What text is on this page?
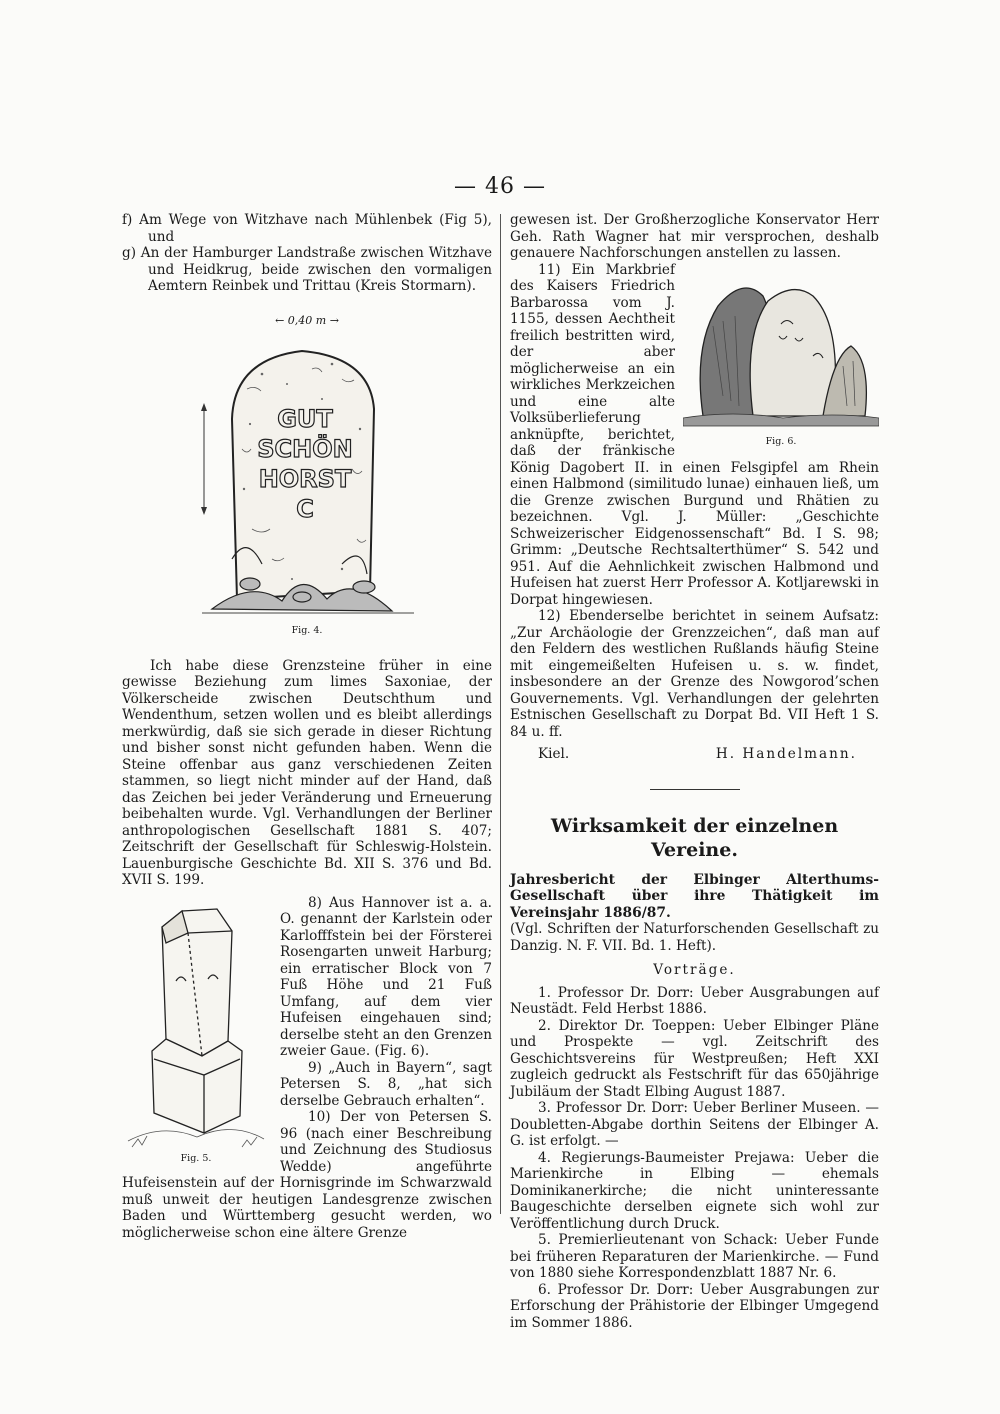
— 46 —

f) Am Wege von Witzhave nach Mühlenbek (Fig 5), und

g) An der Hamburger Landstraße zwischen Witzhave und Heidkrug, beide zwischen den vormaligen Aemtern Reinbek und Trittau (Kreis Stormarn).

← 0,40 m →
GUT
SCHÖN
HORST
C
Fig. 4.

Ich habe diese Grenzsteine früher in eine gewisse Beziehung zum limes Saxoniae, der Völkerscheide zwischen Deutschthum und Wendenthum, setzen wollen und es bleibt allerdings merkwürdig, daß sie sich gerade in dieser Richtung und bisher sonst nicht gefunden haben. Wenn die Steine offenbar aus ganz verschiedenen Zeiten stammen, so liegt nicht minder auf der Hand, daß das Zeichen bei jeder Veränderung und Erneuerung beibehalten wurde. Vgl. Verhandlungen der Berliner anthropologischen Gesellschaft 1881 S. 407; Zeitschrift der Gesellschaft für Schleswig-Holstein. Lauenburgische Geschichte Bd. XII S. 376 und Bd. XVII S. 199.

Fig. 5.

8) Aus Hannover ist a. a. O. genannt der Karlstein oder Karlofffstein bei der Försterei Rosengarten unweit Harburg; ein erratischer Block von 7 Fuß Höhe und 21 Fuß Umfang, auf dem vier Hufeisen eingehauen sind; derselbe steht an den Grenzen zweier Gaue. (Fig. 6).

9) „Auch in Bayern“, sagt Petersen S. 8, „hat sich derselbe Gebrauch erhalten“.

10) Der von Petersen S. 96 (nach einer Beschreibung und Zeichnung des Studiosus Wedde) angeführte Hufeisenstein auf der Hornisgrinde im Schwarzwald muß unweit der heutigen Landesgrenze zwischen Baden und Württemberg gesucht werden, wo möglicherweise schon eine ältere Grenze

gewesen ist. Der Großherzogliche Konservator Herr Geh. Rath Wagner hat mir versprochen, deshalb genauere Nachforschungen anstellen zu lassen.

Fig. 6.

11) Ein Markbrief des Kaisers Friedrich Barbarossa vom J. 1155, dessen Aechtheit freilich bestritten wird, der aber möglicherweise an ein wirkliches Merkzeichen und eine alte Volksüberlieferung anknüpfte, berichtet, daß der fränkische König Dagobert II. in einen Felsgipfel am Rhein einen Halbmond (similitudo lunae) einhauen ließ, um die Grenze zwischen Burgund und Rhätien zu bezeichnen. Vgl. J. Müller: „Geschichte Schweizerischer Eidgenossenschaft“ Bd. I S. 98; Grimm: „Deutsche Rechtsalterthümer“ S. 542 und 951. Auf die Aehnlichkeit zwischen Halbmond und Hufeisen hat zuerst Herr Professor A. Kotljarewski in Dorpat hingewiesen.

12) Ebenderselbe berichtet in seinem Aufsatz: „Zur Archäologie der Grenzzeichen“, daß man auf den Feldern des westlichen Rußlands häufig Steine mit eingemeißelten Hufeisen u. s. w. findet, insbesondere an der Grenze des Nowgorod’schen Gouvernements. Vgl. Verhandlungen der gelehrten Estnischen Gesellschaft zu Dorpat Bd. VII Heft 1 S. 84 u. ff.

Kiel.	H. Handelmann.
Wirksamkeit der einzelnen Vereine.

Jahresbericht der Elbinger Alterthums-Gesellschaft über ihre Thätigkeit im Vereinsjahr 1886/87.

(Vgl. Schriften der Naturforschenden Gesellschaft zu Danzig. N. F. VII. Bd. 1. Heft).

Vorträge.

1. Professor Dr. Dorr: Ueber Ausgrabungen auf Neustädt. Feld Herbst 1886.

2. Direktor Dr. Toeppen: Ueber Elbinger Pläne und Prospekte — vgl. Zeitschrift des Geschichtsvereins für Westpreußen; Heft XXI zugleich gedruckt als Festschrift für das 650jährige Jubiläum der Stadt Elbing August 1887.

3. Professor Dr. Dorr: Ueber Berliner Museen. — Doubletten-Abgabe dorthin Seitens der Elbinger A. G. ist erfolgt. —

4. Regierungs-Baumeister Prejawa: Ueber die Marienkirche in Elbing — ehemals Dominikanerkirche; die nicht uninteressante Baugeschichte derselben eignete sich wohl zur Veröffentlichung durch Druck.

5. Premierlieutenant von Schack: Ueber Funde bei früheren Reparaturen der Marienkirche. — Fund von 1880 siehe Korrespondenzblatt 1887 Nr. 6.

6. Professor Dr. Dorr: Ueber Ausgrabungen zur Erforschung der Prähistorie der Elbinger Umgegend im Sommer 1886.
